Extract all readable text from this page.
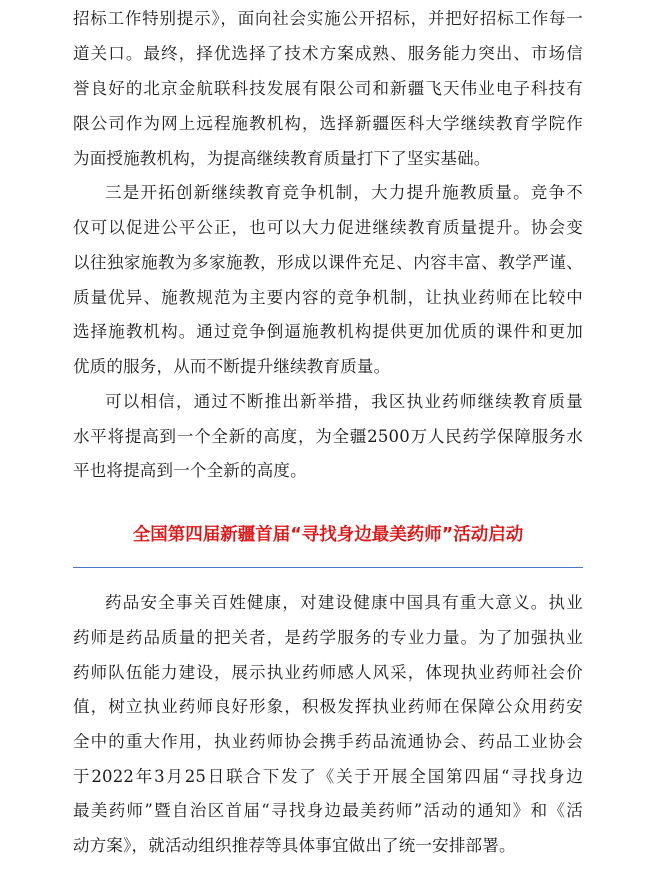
招标工作特别提示》，面向社会实施公开招标，并把好招标工作每一
道关口。最终，择优选择了技术方案成熟、服务能力突出、市场信
誉良好的北京金航联科技发展有限公司和新疆飞天伟业电子科技有
限公司作为网上远程施教机构，选择新疆医科大学继续教育学院作
为面授施教机构，为提高继续教育质量打下了坚实基础。
三是开拓创新继续教育竞争机制，大力提升施教质量。竞争不
仅可以促进公平公正，也可以大力促进继续教育质量提升。协会变
以往独家施教为多家施教，形成以课件充足、内容丰富、教学严谨、
质量优异、施教规范为主要内容的竞争机制，让执业药师在比较中
选择施教机构。通过竞争倒逼施教机构提供更加优质的课件和更加
优质的服务，从而不断提升继续教育质量。
可以相信，通过不断推出新举措，我区执业药师继续教育质量
水平将提高到一个全新的高度，为全疆2500万人民药学保障服务水
平也将提高到一个全新的高度。
全国第四届新疆首届“寻找身边最美药师”活动启动
药品安全事关百姓健康，对建设健康中国具有重大意义。执业
药师是药品质量的把关者，是药学服务的专业力量。为了加强执业
药师队伍能力建设，展示执业药师感人风采，体现执业药师社会价
值，树立执业药师良好形象，积极发挥执业药师在保障公众用药安
全中的重大作用，执业药师协会携手药品流通协会、药品工业协会
于2022年3月25日联合下发了《关于开展全国第四届“寻找身边
最美药师”暨自治区首届“寻找身边最美药师”活动的通知》和《活
动方案》，就活动组织推荐等具体事宜做出了统一安排部署。
